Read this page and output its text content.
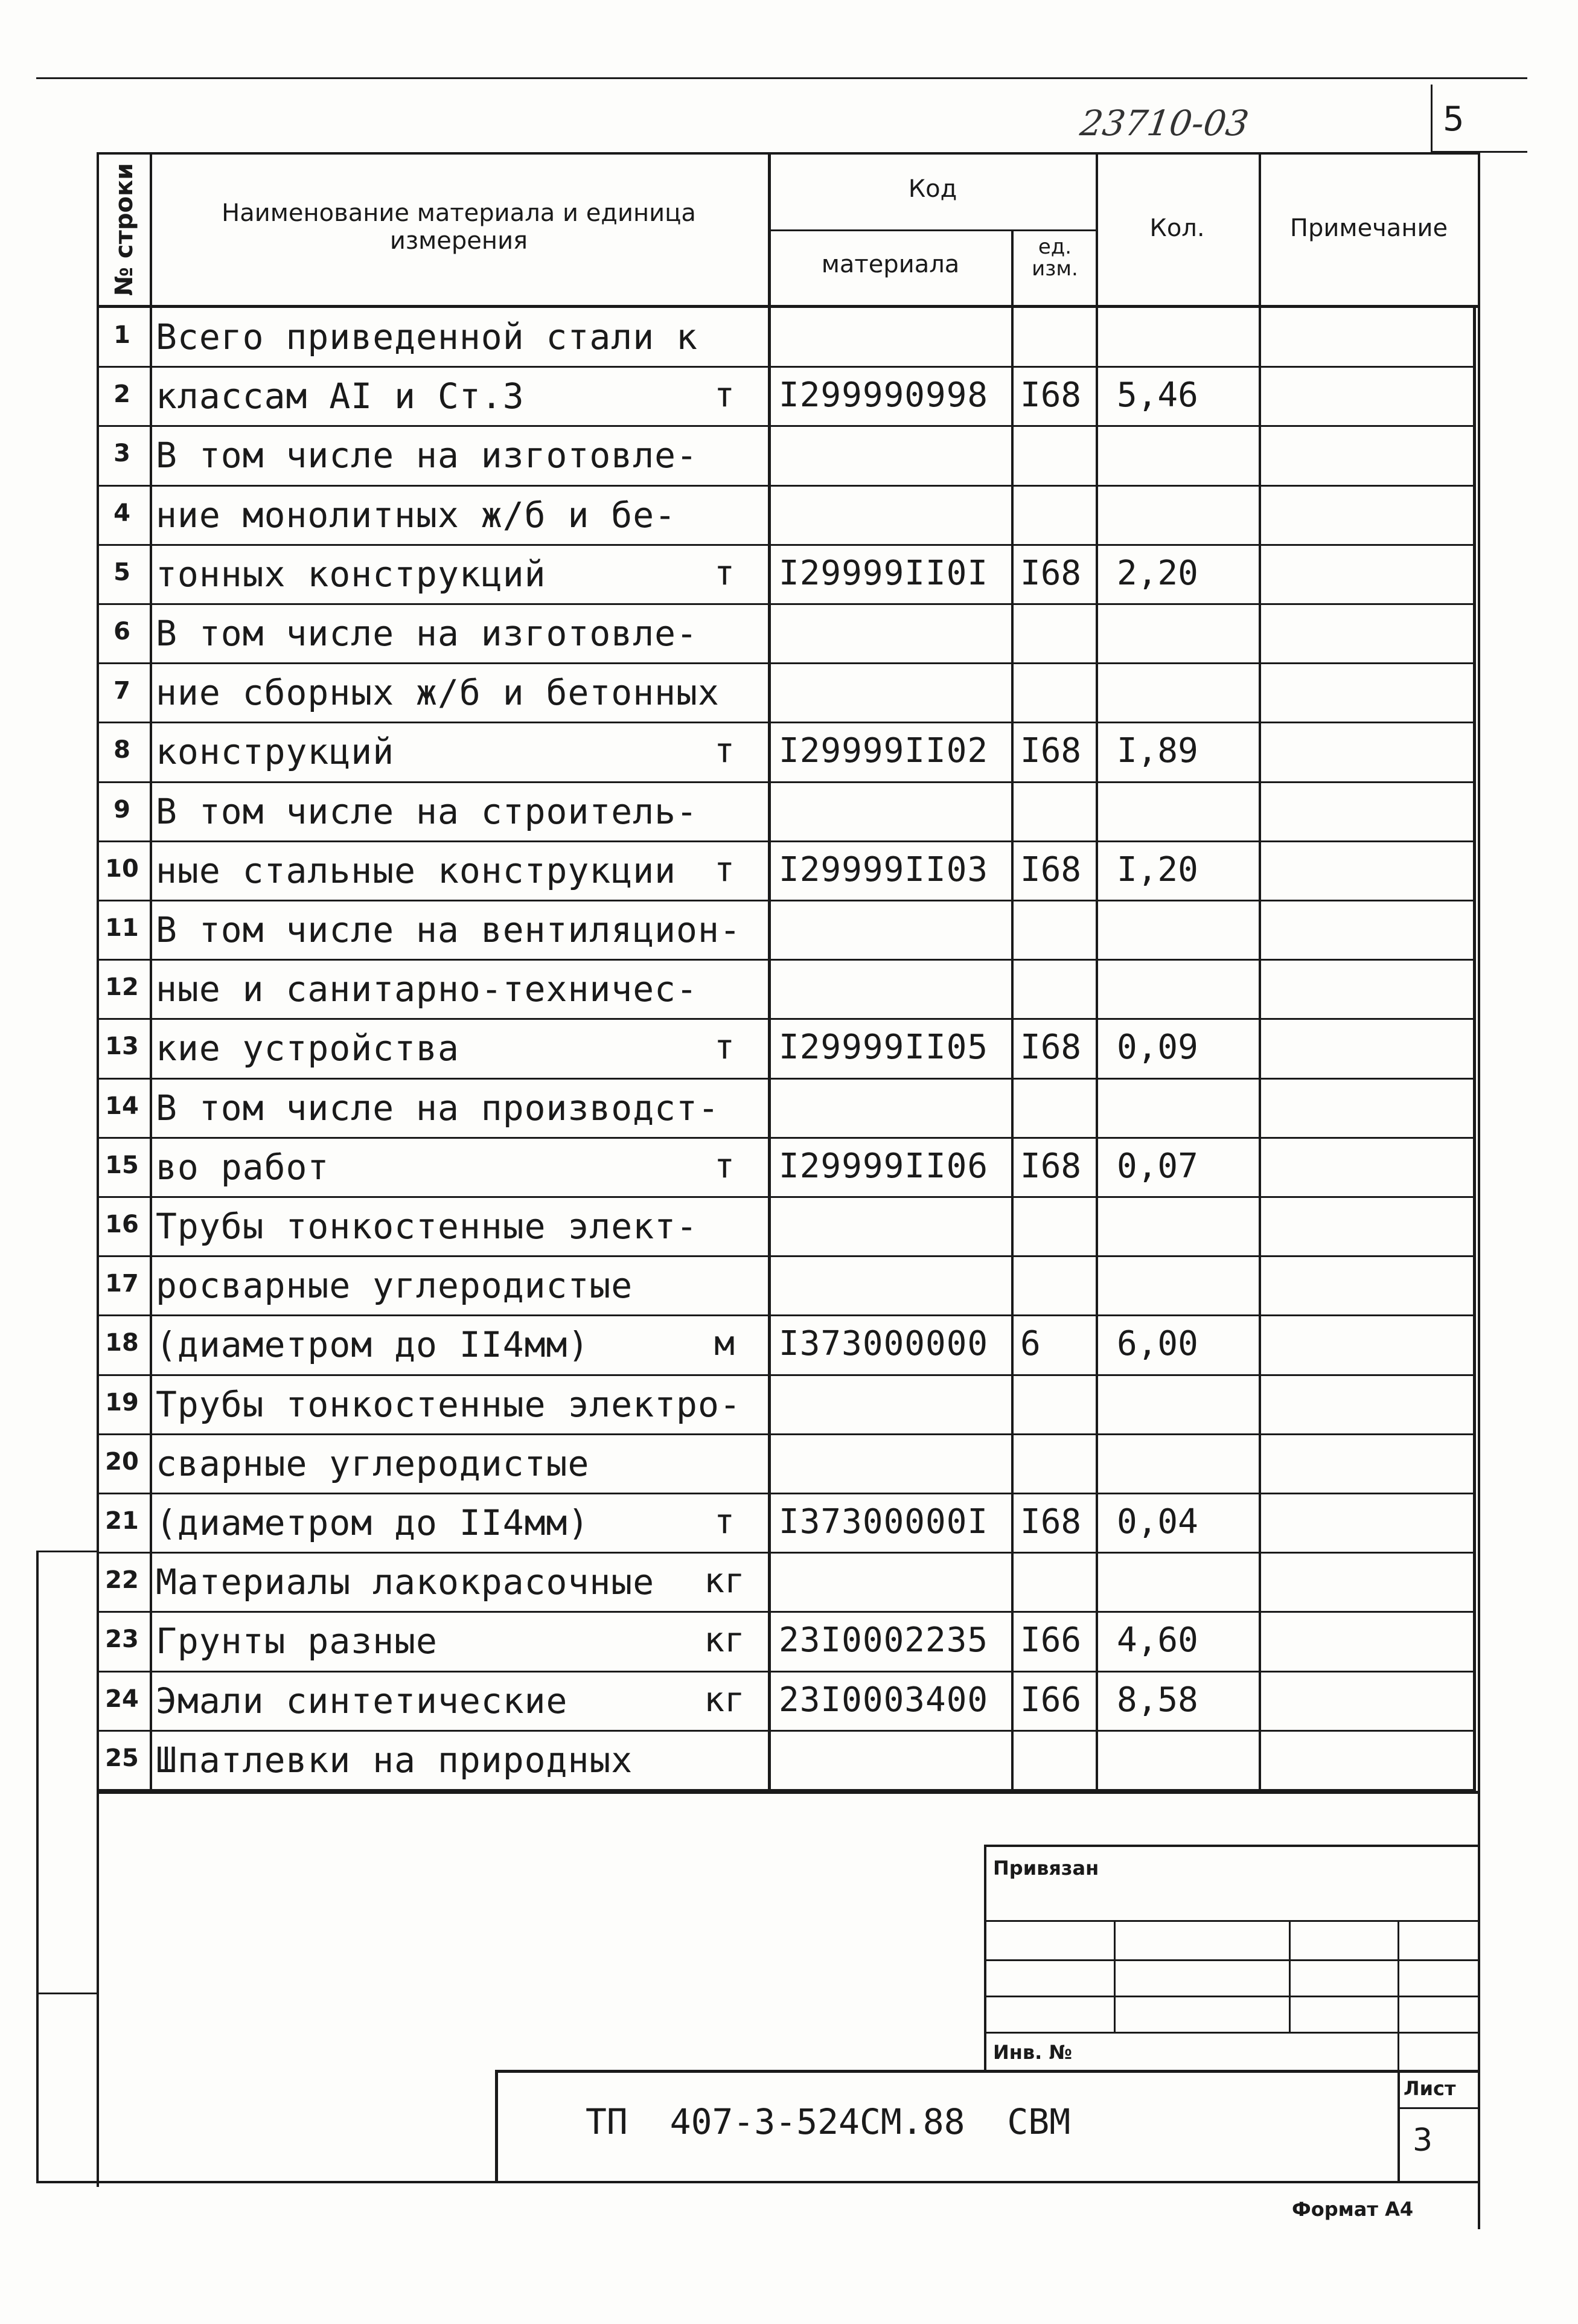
23710-03	5
№ строки	Наименование материала и единица измерения
Код
материала
ед. изм.
Кол.	Примечание
1 Всего приведенной стали к
2 классам АI и Ст.3	т	I299990998 I68 5,46
3 В том числе на изготовле-
4 ние монолитных ж/б и бе-
5 тонных конструкций	т	I29999II0I I68 2,20
6 В том числе на изготовле-
7 ние сборных ж/б и бетонных
8 конструкций	т	I29999II02 I68 I,89
9 В том числе на строитель-
10 ные стальные конструкции	т	I29999II03 I68 I,20
11 В том числе на вентиляцион-
12 ные и санитарно-техничес-
13 кие устройства	т	I29999II05 I68 0,09
14 В том числе на производст-
15 во работ	т	I29999II06 I68 0,07
16 Трубы тонкостенные элект-
17 росварные углеродистые
18 (диаметром до II4мм)	м	I373000000 6 6,00
19 Трубы тонкостенные электро-
20 сварные углеродистые
21 (диаметром до II4мм)	т	I37300000I I68 0,04
22 Материалы лакокрасочные кг
23 Грунты разные	кг 23I0002235 I66 4,60
24 Эмали синтетические	кг 23I0003400 I66 8,58
25 Шпатлевки на природных
Привязан
Инв. №
ТП  407-3-524СМ.88  СВМ
Лист
3
Формат А4
